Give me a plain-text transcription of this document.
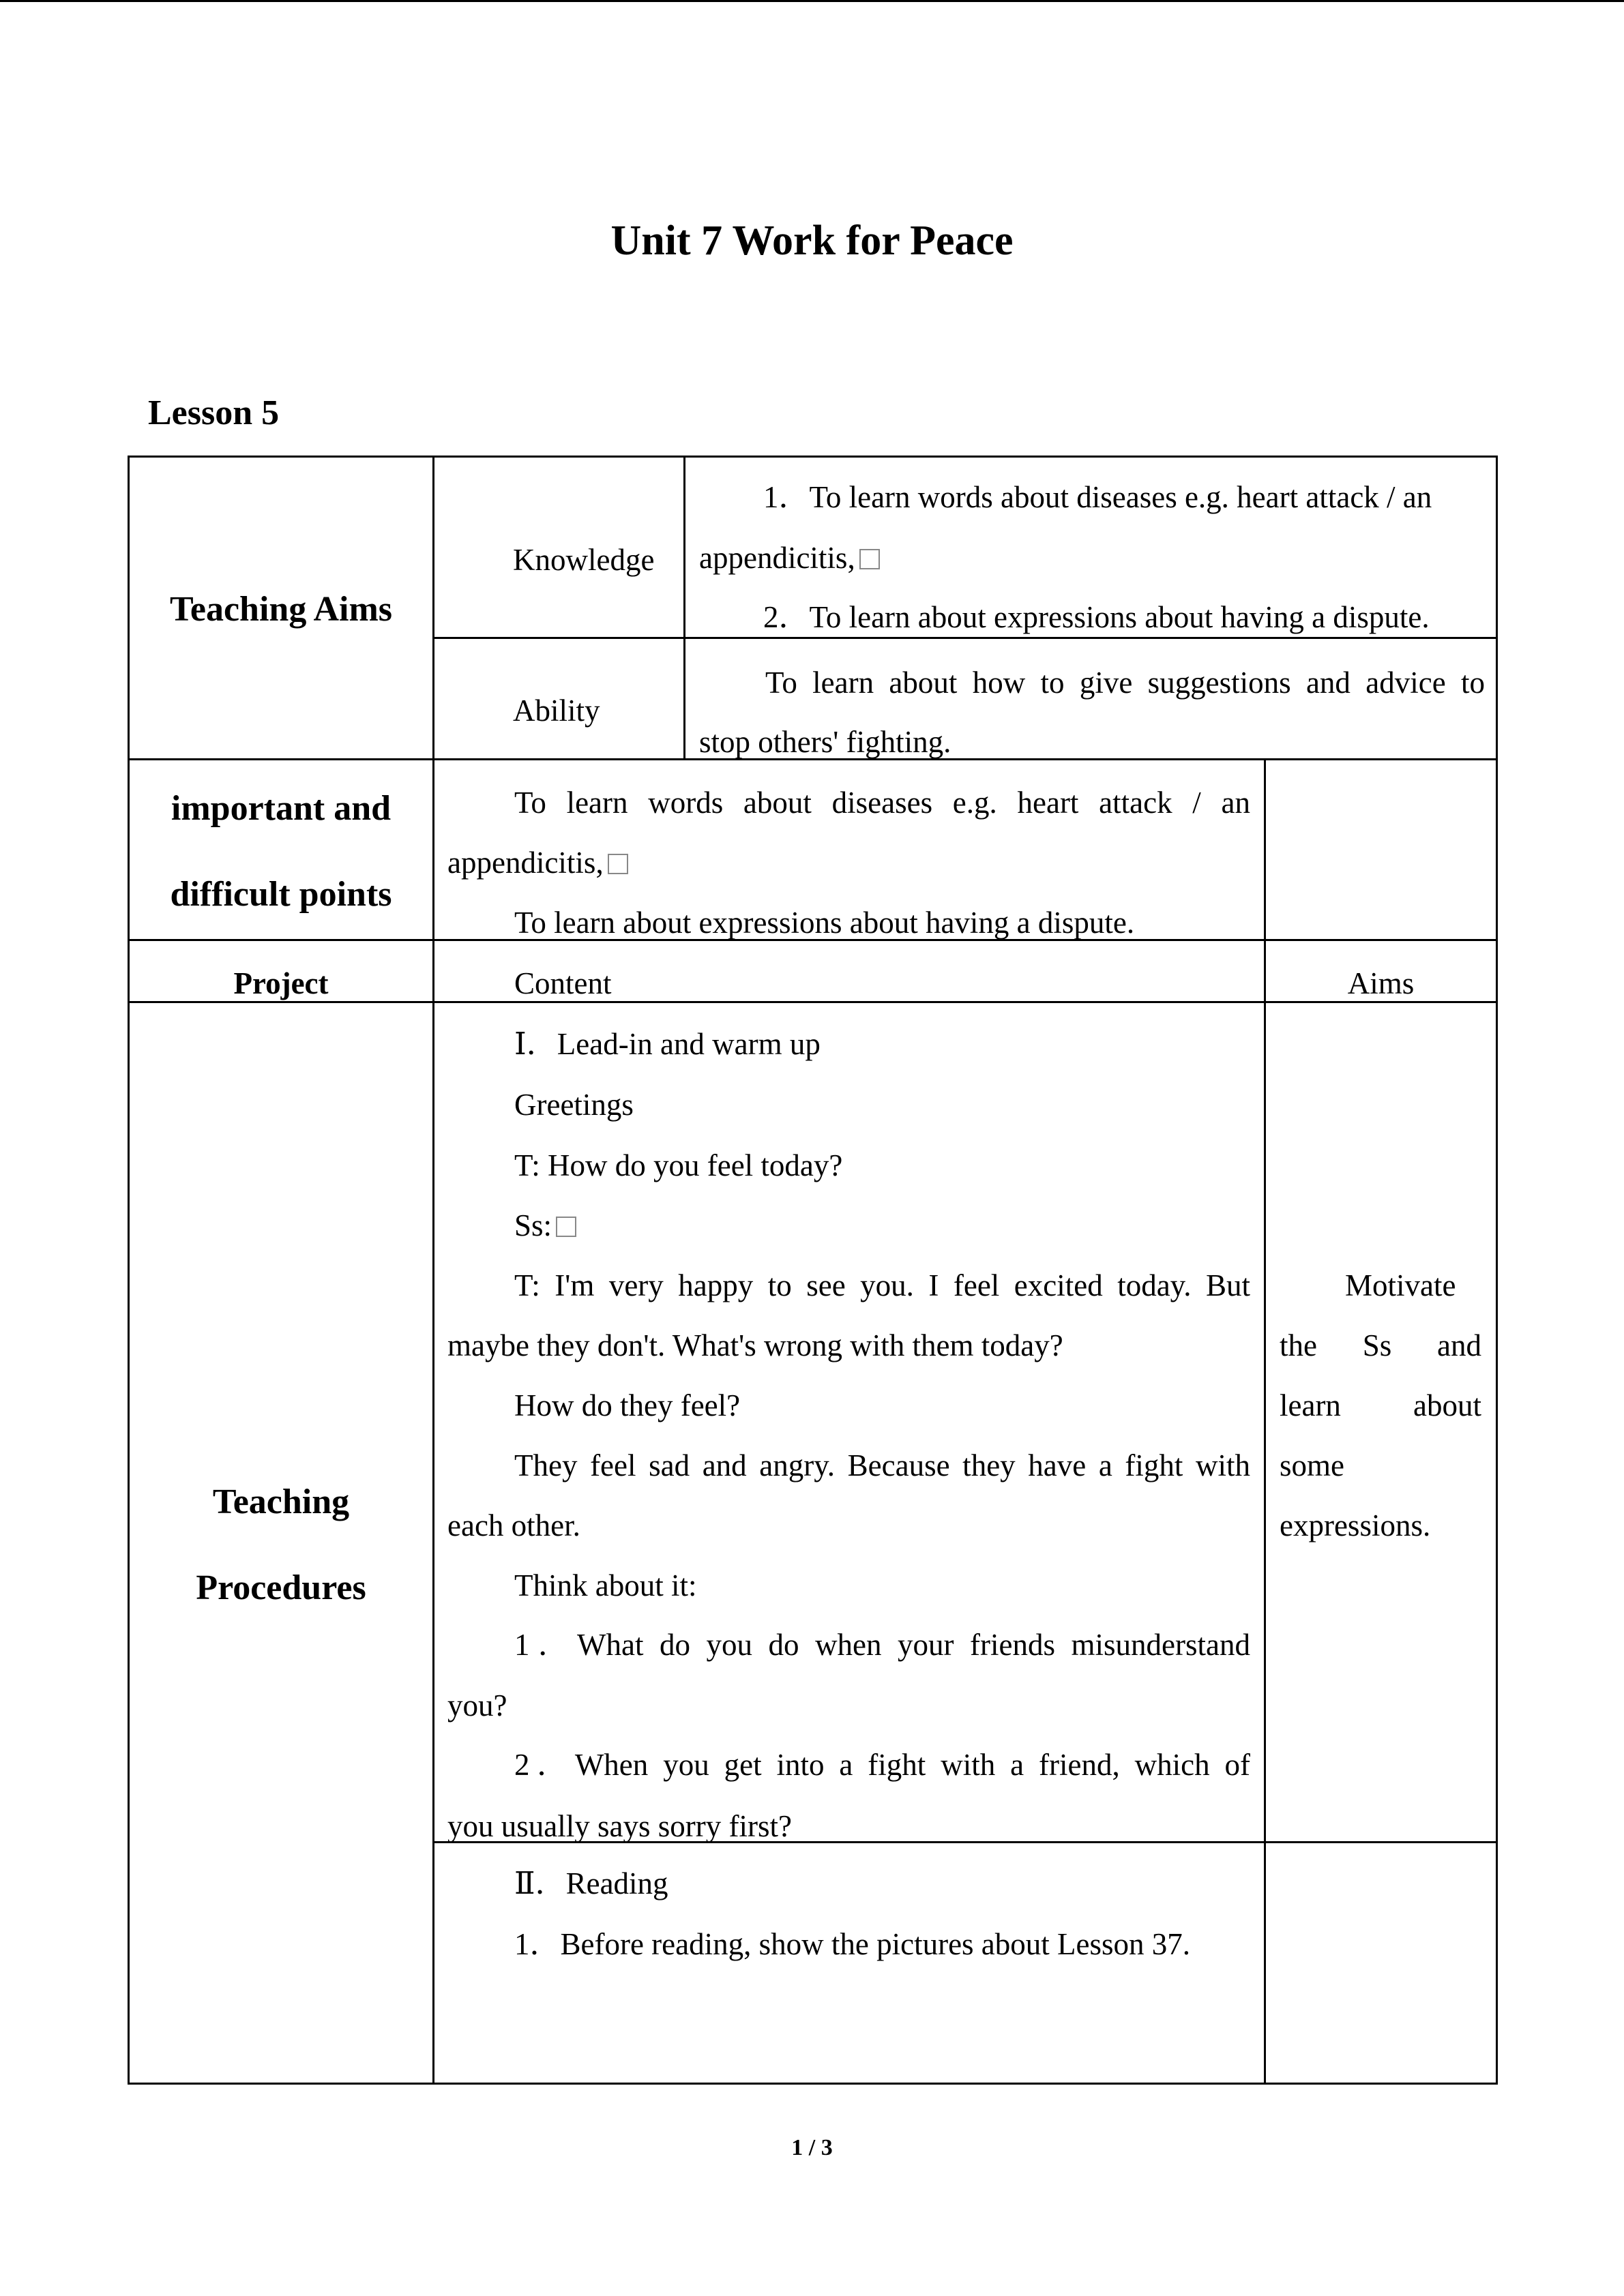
Unit 7 Work for Peace
Lesson 5
Teaching Aims
Knowledge
1．To learn words about diseases e.g. heart attack / an
appendicitis,
2．To learn about expressions about having a dispute.
Ability
To learn about how to give suggestions and advice to
stop others' fighting.
important and
difficult points
To learn words about diseases e.g. heart attack / an
appendicitis,
To learn about expressions about having a dispute.
Project	Content	Aims
Teaching
Procedures
Ⅰ．Lead-in and warm up
Greetings
T: How do you feel today?
Ss:
T: I'm very happy to see you. I feel excited today. But
maybe they don't. What's wrong with them today?
How do they feel?
They feel sad and angry. Because they have a fight with
each other.
Think about it:
1．What do you do when your friends misunderstand
you?
2．When you get into a fight with a friend, which of
you usually says sorry first?
Motivate
the Ss and
learn about
some
expressions.
Ⅱ．Reading
1．Before reading, show the pictures about Lesson 37.
1 / 3
